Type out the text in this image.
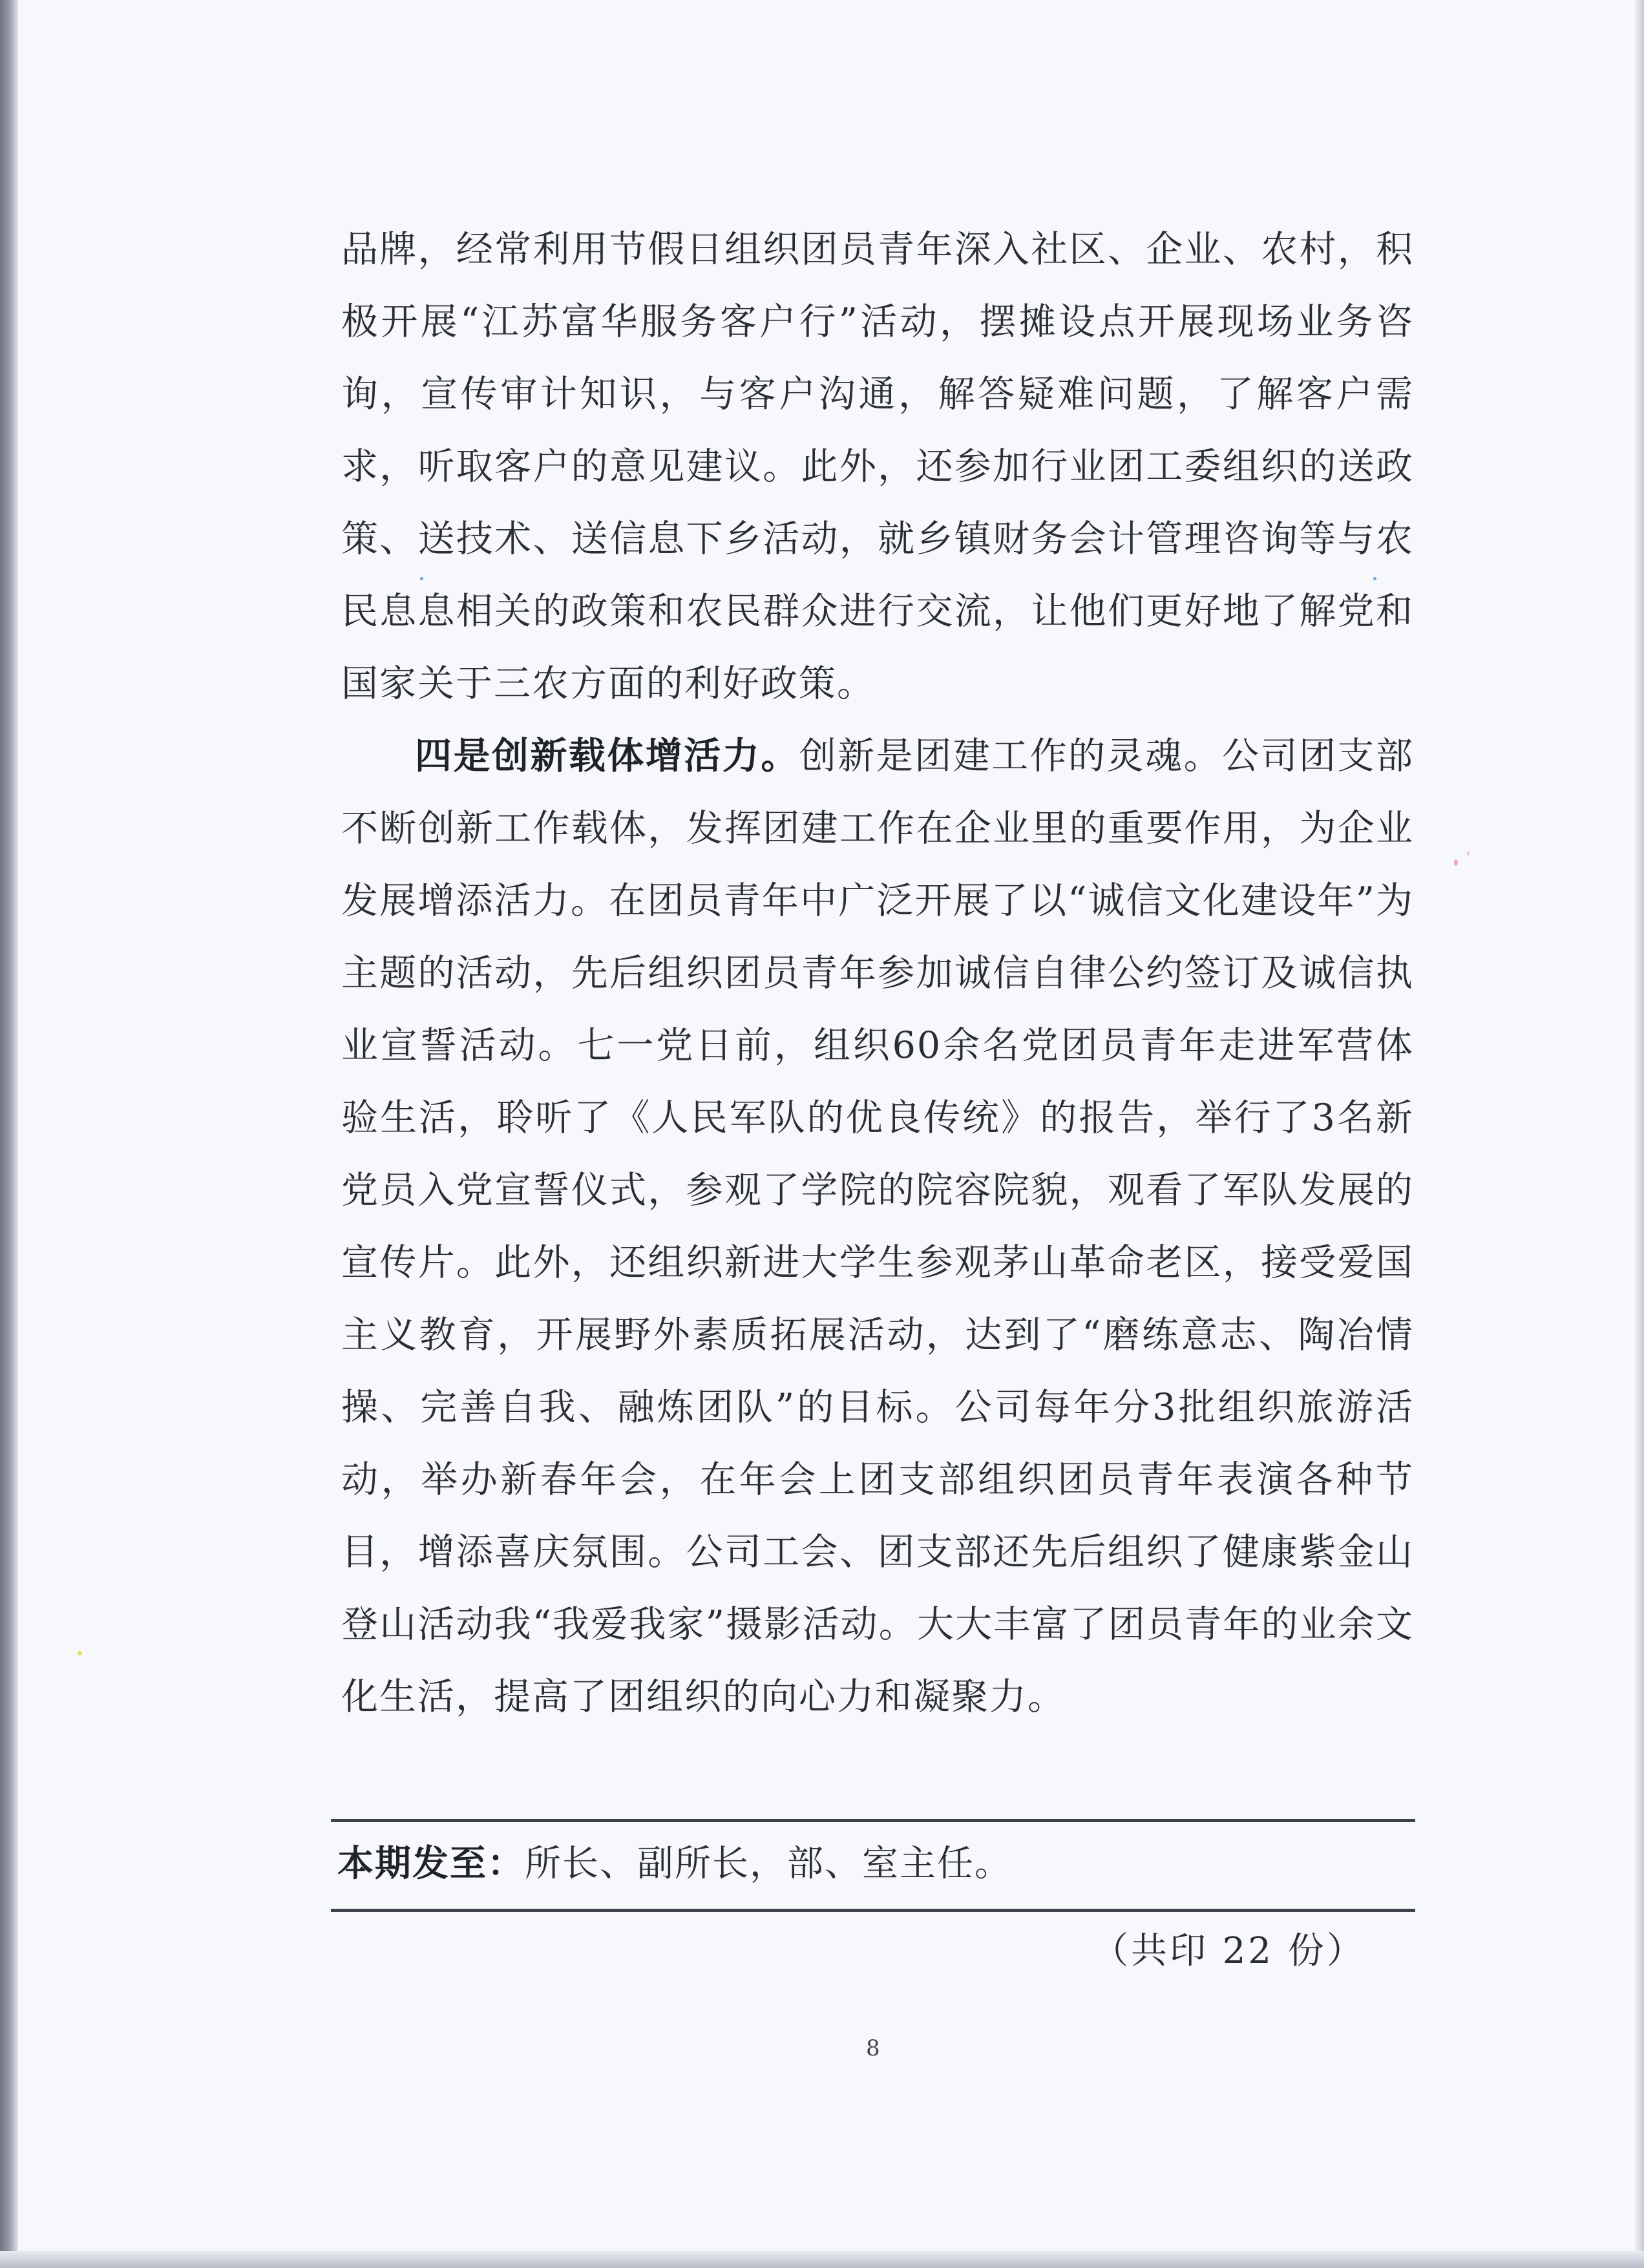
品牌，经常利用节假日组织团员青年深入社区、企业、农村，积极开展“江苏富华服务客户行”活动，摆摊设点开展现场业务咨询，宣传审计知识，与客户沟通，解答疑难问题，了解客户需求，听取客户的意见建议。此外，还参加行业团工委组织的送政策、送技术、送信息下乡活动，就乡镇财务会计管理咨询等与农民息息相关的政策和农民群众进行交流，让他们更好地了解党和国家关于三农方面的利好政策。

四是创新载体增活力。创新是团建工作的灵魂。公司团支部不断创新工作载体，发挥团建工作在企业里的重要作用，为企业发展增添活力。在团员青年中广泛开展了以“诚信文化建设年”为主题的活动，先后组织团员青年参加诚信自律公约签订及诚信执业宣誓活动。七一党日前，组织60余名党团员青年走进军营体验生活，聆听了《人民军队的优良传统》的报告，举行了3名新党员入党宣誓仪式，参观了学院的院容院貌，观看了军队发展的宣传片。此外，还组织新进大学生参观茅山革命老区，接受爱国主义教育，开展野外素质拓展活动，达到了“磨练意志、陶冶情操、完善自我、融炼团队”的目标。公司每年分3批组织旅游活动，举办新春年会，在年会上团支部组织团员青年表演各种节目，增添喜庆氛围。公司工会、团支部还先后组织了健康紫金山登山活动我“我爱我家”摄影活动。大大丰富了团员青年的业余文化生活，提高了团组织的向心力和凝聚力。

本期发至：所长、副所长，部、室主任。
（共印 22 份）
8
